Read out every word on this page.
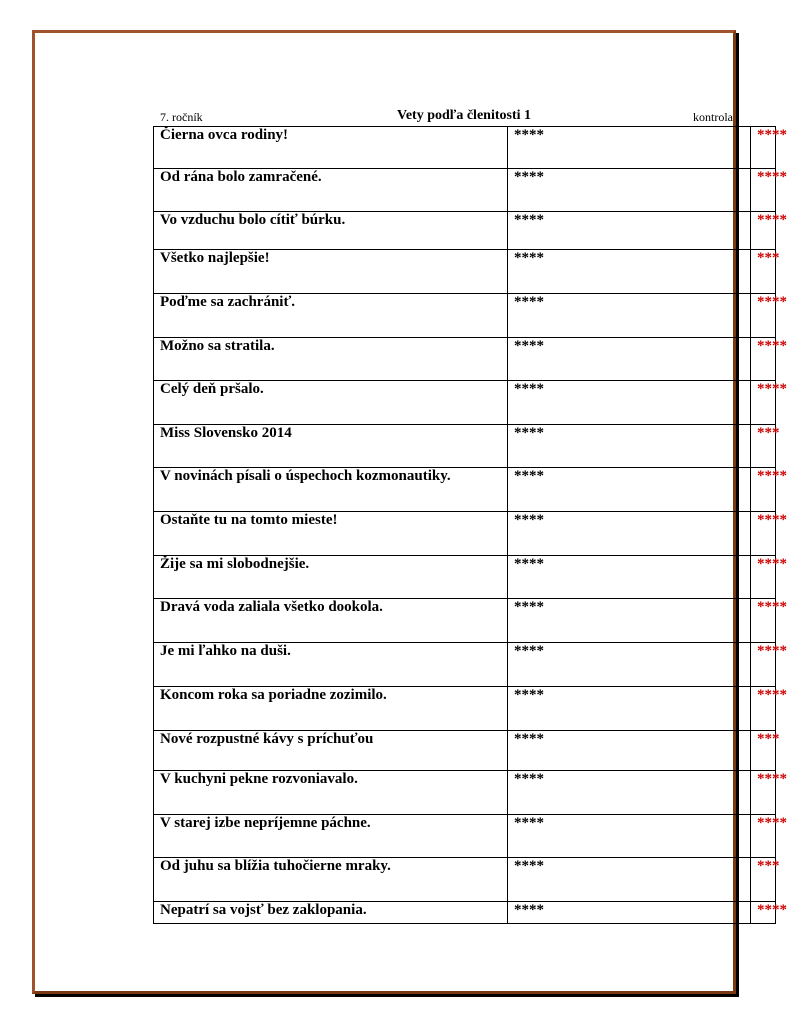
7. ročník	Vety podľa členitosti 1	kontrola
Čierna ovca rodiny!	****	****
Od rána bolo zamračené.	****	****
Vo vzduchu bolo cítiť búrku.	****	****
Všetko najlepšie!	****	***
Poďme sa zachrániť.	****	****
Možno sa stratila.	****	****
Celý deň pršalo.	****	****
Miss Slovensko 2014	****	***
V novinách písali o úspechoch kozmonautiky.	****	****
Ostaňte tu na tomto mieste!	****	****
Žije sa mi slobodnejšie.	****	****
Dravá voda zaliala všetko dookola.	****	****
Je mi ľahko na duši.	****	****
Koncom roka sa poriadne zozimilo.	****	****
Nové rozpustné kávy s príchuťou	****	***
V kuchyni pekne rozvoniavalo.	****	****
V starej izbe nepríjemne páchne.	****	****
Od juhu sa blížia tuhočierne mraky.	****	***
Nepatrí sa vojsť bez zaklopania.	****	****
